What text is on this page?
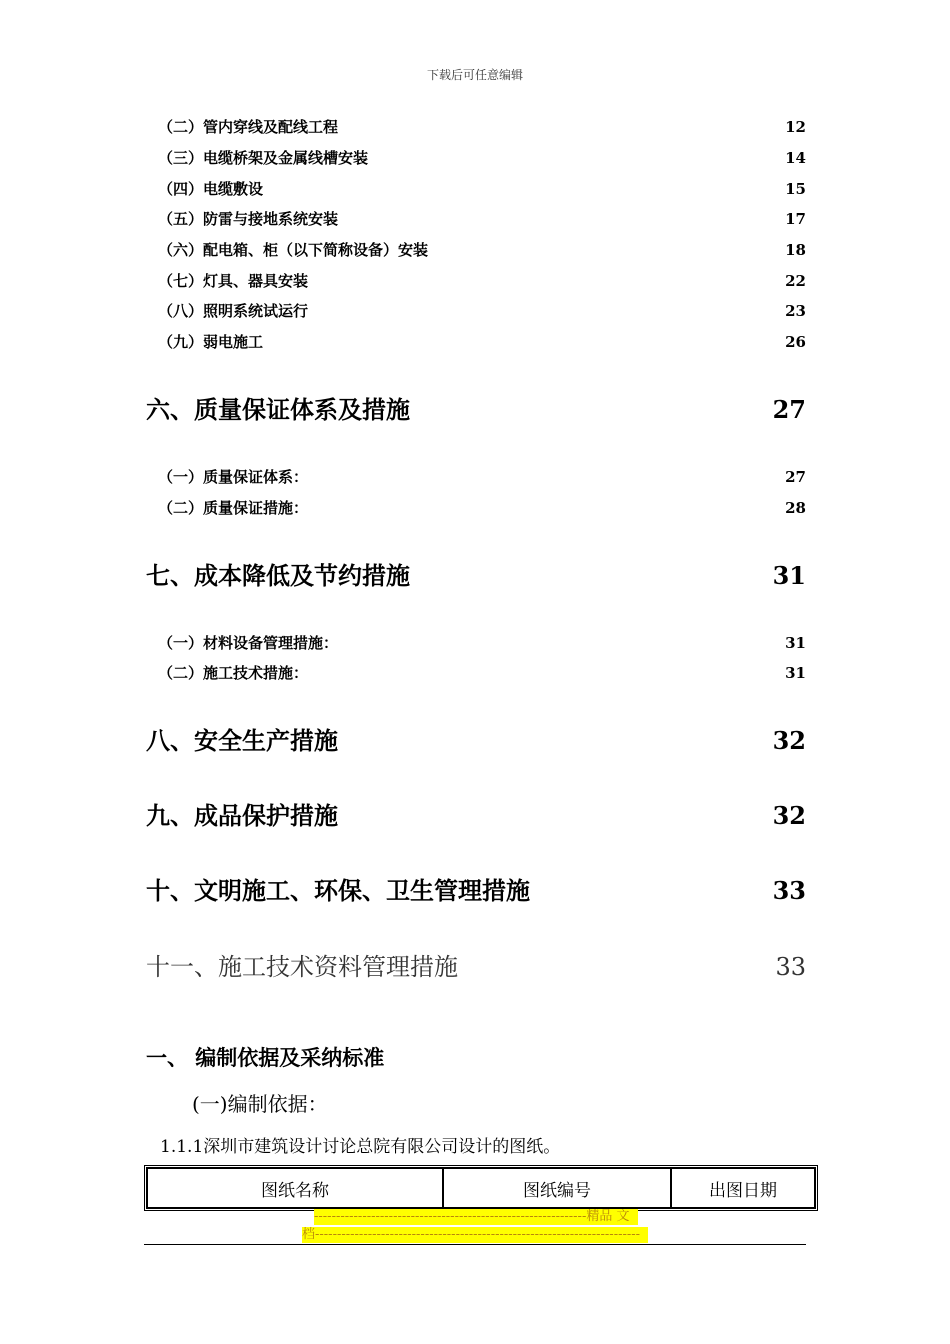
下载后可任意编辑
（二）管内穿线及配线工程	12
（三）电缆桥架及金属线槽安装	14
（四）电缆敷设	15
（五）防雷与接地系统安装	17
（六）配电箱、柜（以下简称设备）安装	18
（七）灯具、器具安装	22
（八）照明系统试运行	23
（九）弱电施工	26
六、质量保证体系及措施	27
（一）质量保证体系：	27
（二）质量保证措施：	28
七、成本降低及节约措施	31
（一）材料设备管理措施：	31
（二）施工技术措施：	31
八、安全生产措施	32
九、成品保护措施	32
十、文明施工、环保、卫生管理措施	33
十一、施工技术资料管理措施	33
一、 编制依据及采纳标准
(一)编制依据：
1.1.1深圳市建筑设计讨论总院有限公司设计的图纸。
图纸名称	图纸编号	出图日期
--------------------------------------------------------------精品 文
档--------------------------------------------------------------------------
